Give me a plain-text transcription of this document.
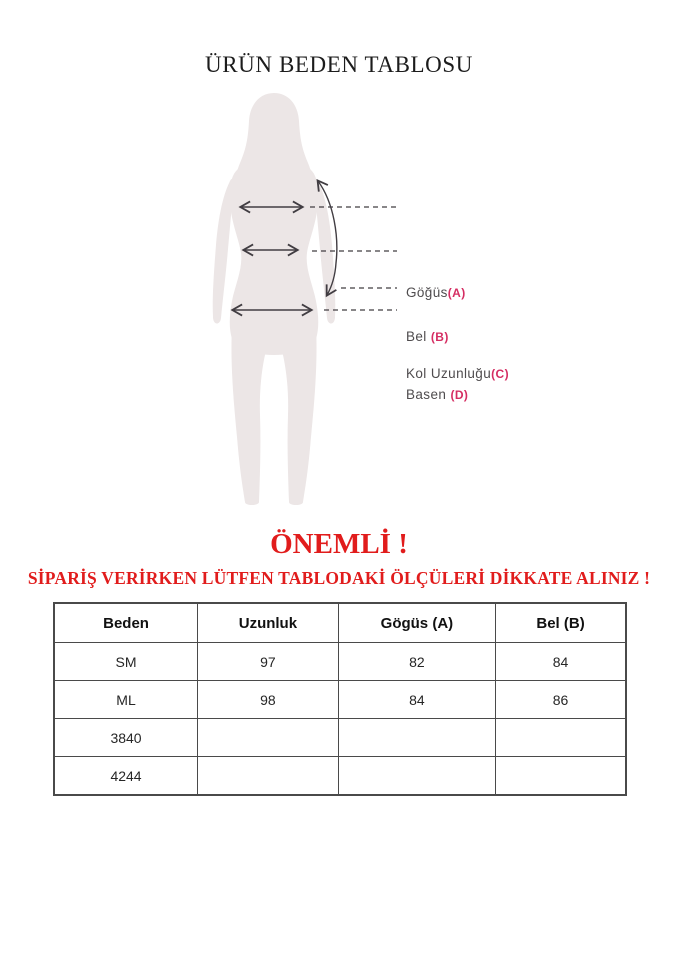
ÜRÜN BEDEN TABLOSU
Göğüs(A)
Bel (B)
Kol Uzunluğu(C)
Basen (D)
ÖNEMLİ !
SİPARİŞ VERİRKEN LÜTFEN TABLODAKİ ÖLÇÜLERİ DİKKATE ALINIZ !
Beden	Uzunluk	Gögüs (A)	Bel (B)
SM	97	82	84
ML	98	84	86
3840			
4244			
